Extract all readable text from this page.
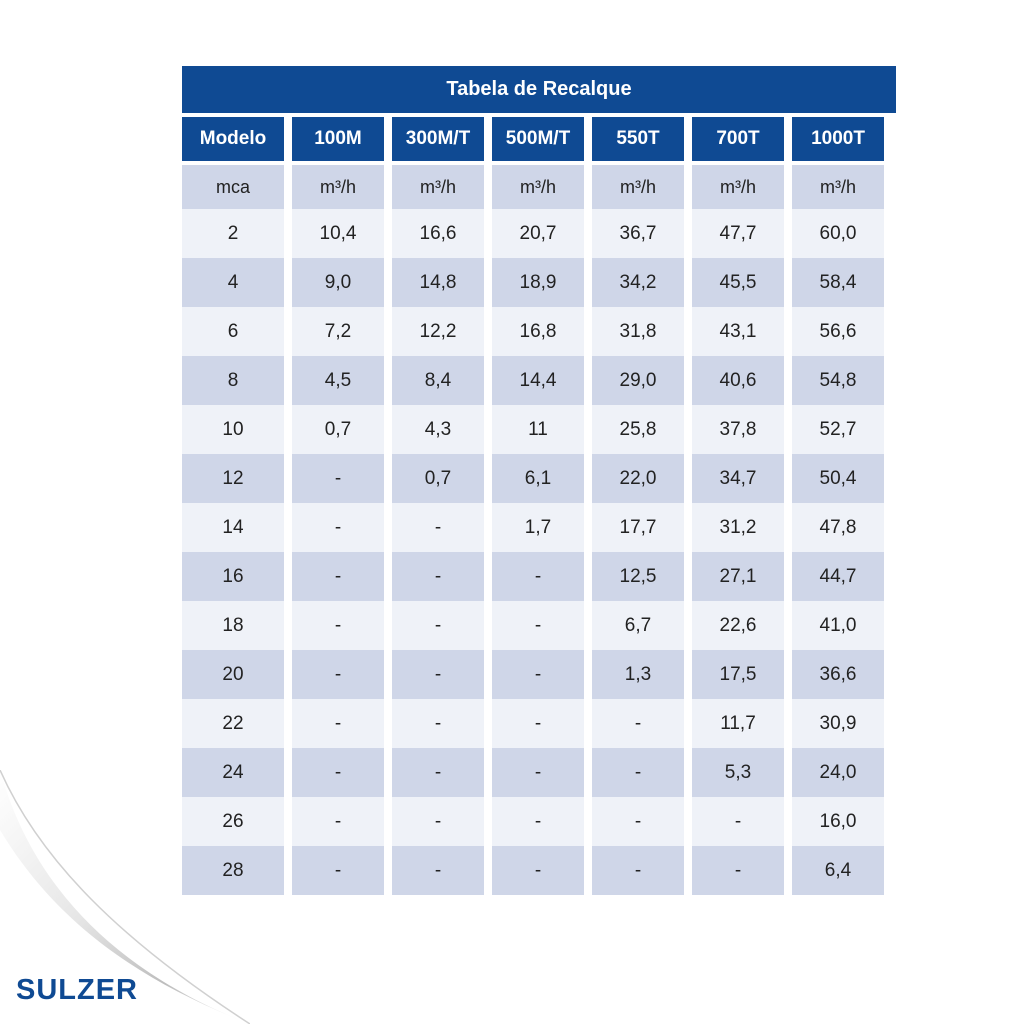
Tabela de Recalque
Modelo	100M	300M/T	500M/T	550T	700T	1000T
mca	m³/h	m³/h	m³/h	m³/h	m³/h	m³/h
2	10,4	16,6	20,7	36,7	47,7	60,0
4	9,0	14,8	18,9	34,2	45,5	58,4
6	7,2	12,2	16,8	31,8	43,1	56,6
8	4,5	8,4	14,4	29,0	40,6	54,8
10	0,7	4,3	11	25,8	37,8	52,7
12	-	0,7	6,1	22,0	34,7	50,4
14	-	-	1,7	17,7	31,2	47,8
16	-	-	-	12,5	27,1	44,7
18	-	-	-	6,7	22,6	41,0
20	-	-	-	1,3	17,5	36,6
22	-	-	-	-	11,7	30,9
24	-	-	-	-	5,3	24,0
26	-	-	-	-	-	16,0
28	-	-	-	-	-	6,4
SULZER
